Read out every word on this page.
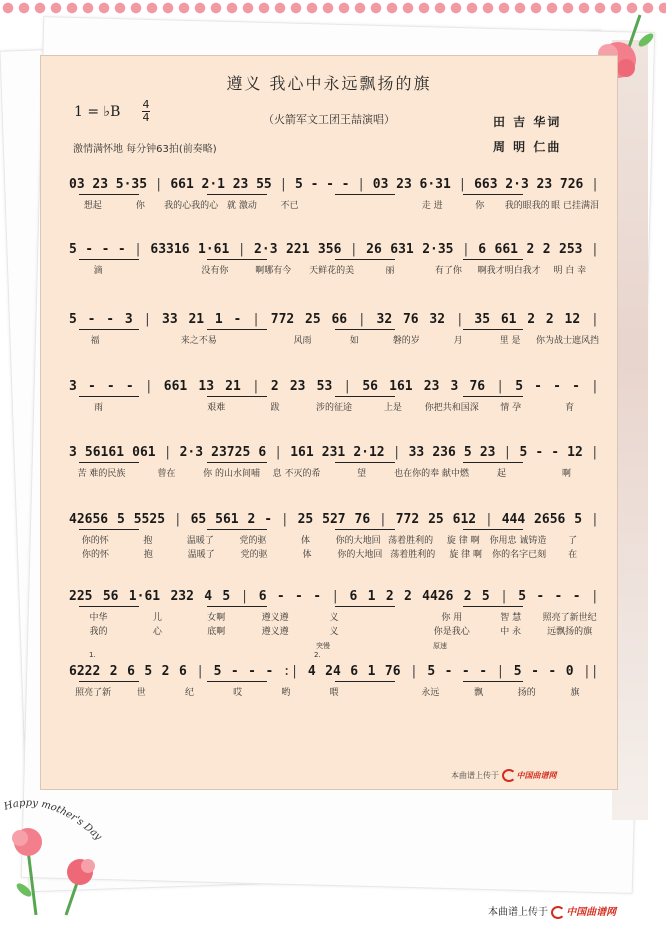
遵义 我心中永远飘扬的旗
1 = ♭B 4
4	（火箭军文工团王喆演唱）	田 吉 华词
周 明 仁曲
激情满怀地 每分钟63拍(前奏略)
03 23 5·35 | 661 2·1 23 55 | 5 - - - | 03 23 6·31 | 663 2·3 23 726 |
想起	你	我的心我的心 就 激动	不已	走 进	你	我的眼我的 眼 已挂满泪
5 - - - | 63316 1·61 | 2·3 221 356 | 26 631 2·35 | 6 661 2 2 253 |
滴	没有你	啊哪有今	天鲜花的美	丽	有了你	啊我才明白我才	明 白 幸
5 - - 3 | 33 21 1 - | 772 25 66 | 32 76 32 | 35 61 2 2 12 |
福	来之不易	风雨	如	磐的岁	月	里 是	你为战士遮风挡
3 - - - | 661 13 21 | 2 23 53 | 56 161 23 3 76 | 5 - - - |
雨	艰难	跋	涉的征途	上是	你把共和国深	情 孕	育
3 56161 061 | 2·3 23725 6 | 161 231 2·12 | 33 236 5 23 | 5 - - 12 |
苦 难的民族	曾在	你 的山水间哺	息 不灭的希	望	也在你的奉 献中燃	起	啊
42656 5 5525 | 65 561 2 - | 25 527 76 | 772 25 612 | 444 2656 5 |
你的怀	抱	温暖了	党的驱	体	你的大地回 荡着胜利的	旋 律 啊	你用忠 诚铸造	了
你的怀	抱	温暖了	党的驱	体	你的大地回 荡着胜利的	旋 律 啊	你的名字已刻	在
225 56 1·61 232 4 5 | 6 - - - | 6 1 2 2 4426 2 5 | 5 - - - |
中华	儿	女啊	遵义遵	义	你 用	智 慧	照亮了新世纪
我的	心	底啊	遵义遵	义	你是我心	中 永	远飘扬的旗
6222 2 6 5 2 6 | 5 - - - :| 4 24 6 1 76 | 5 - - - | 5 - - 0 ||
照亮了新	世	纪	哎	哟	喂	永远	飘	扬的	旗
1.	2.
突慢	原速
本曲谱上传于 中国曲谱网
Happy mother's Day
本曲谱上传于 中国曲谱网
